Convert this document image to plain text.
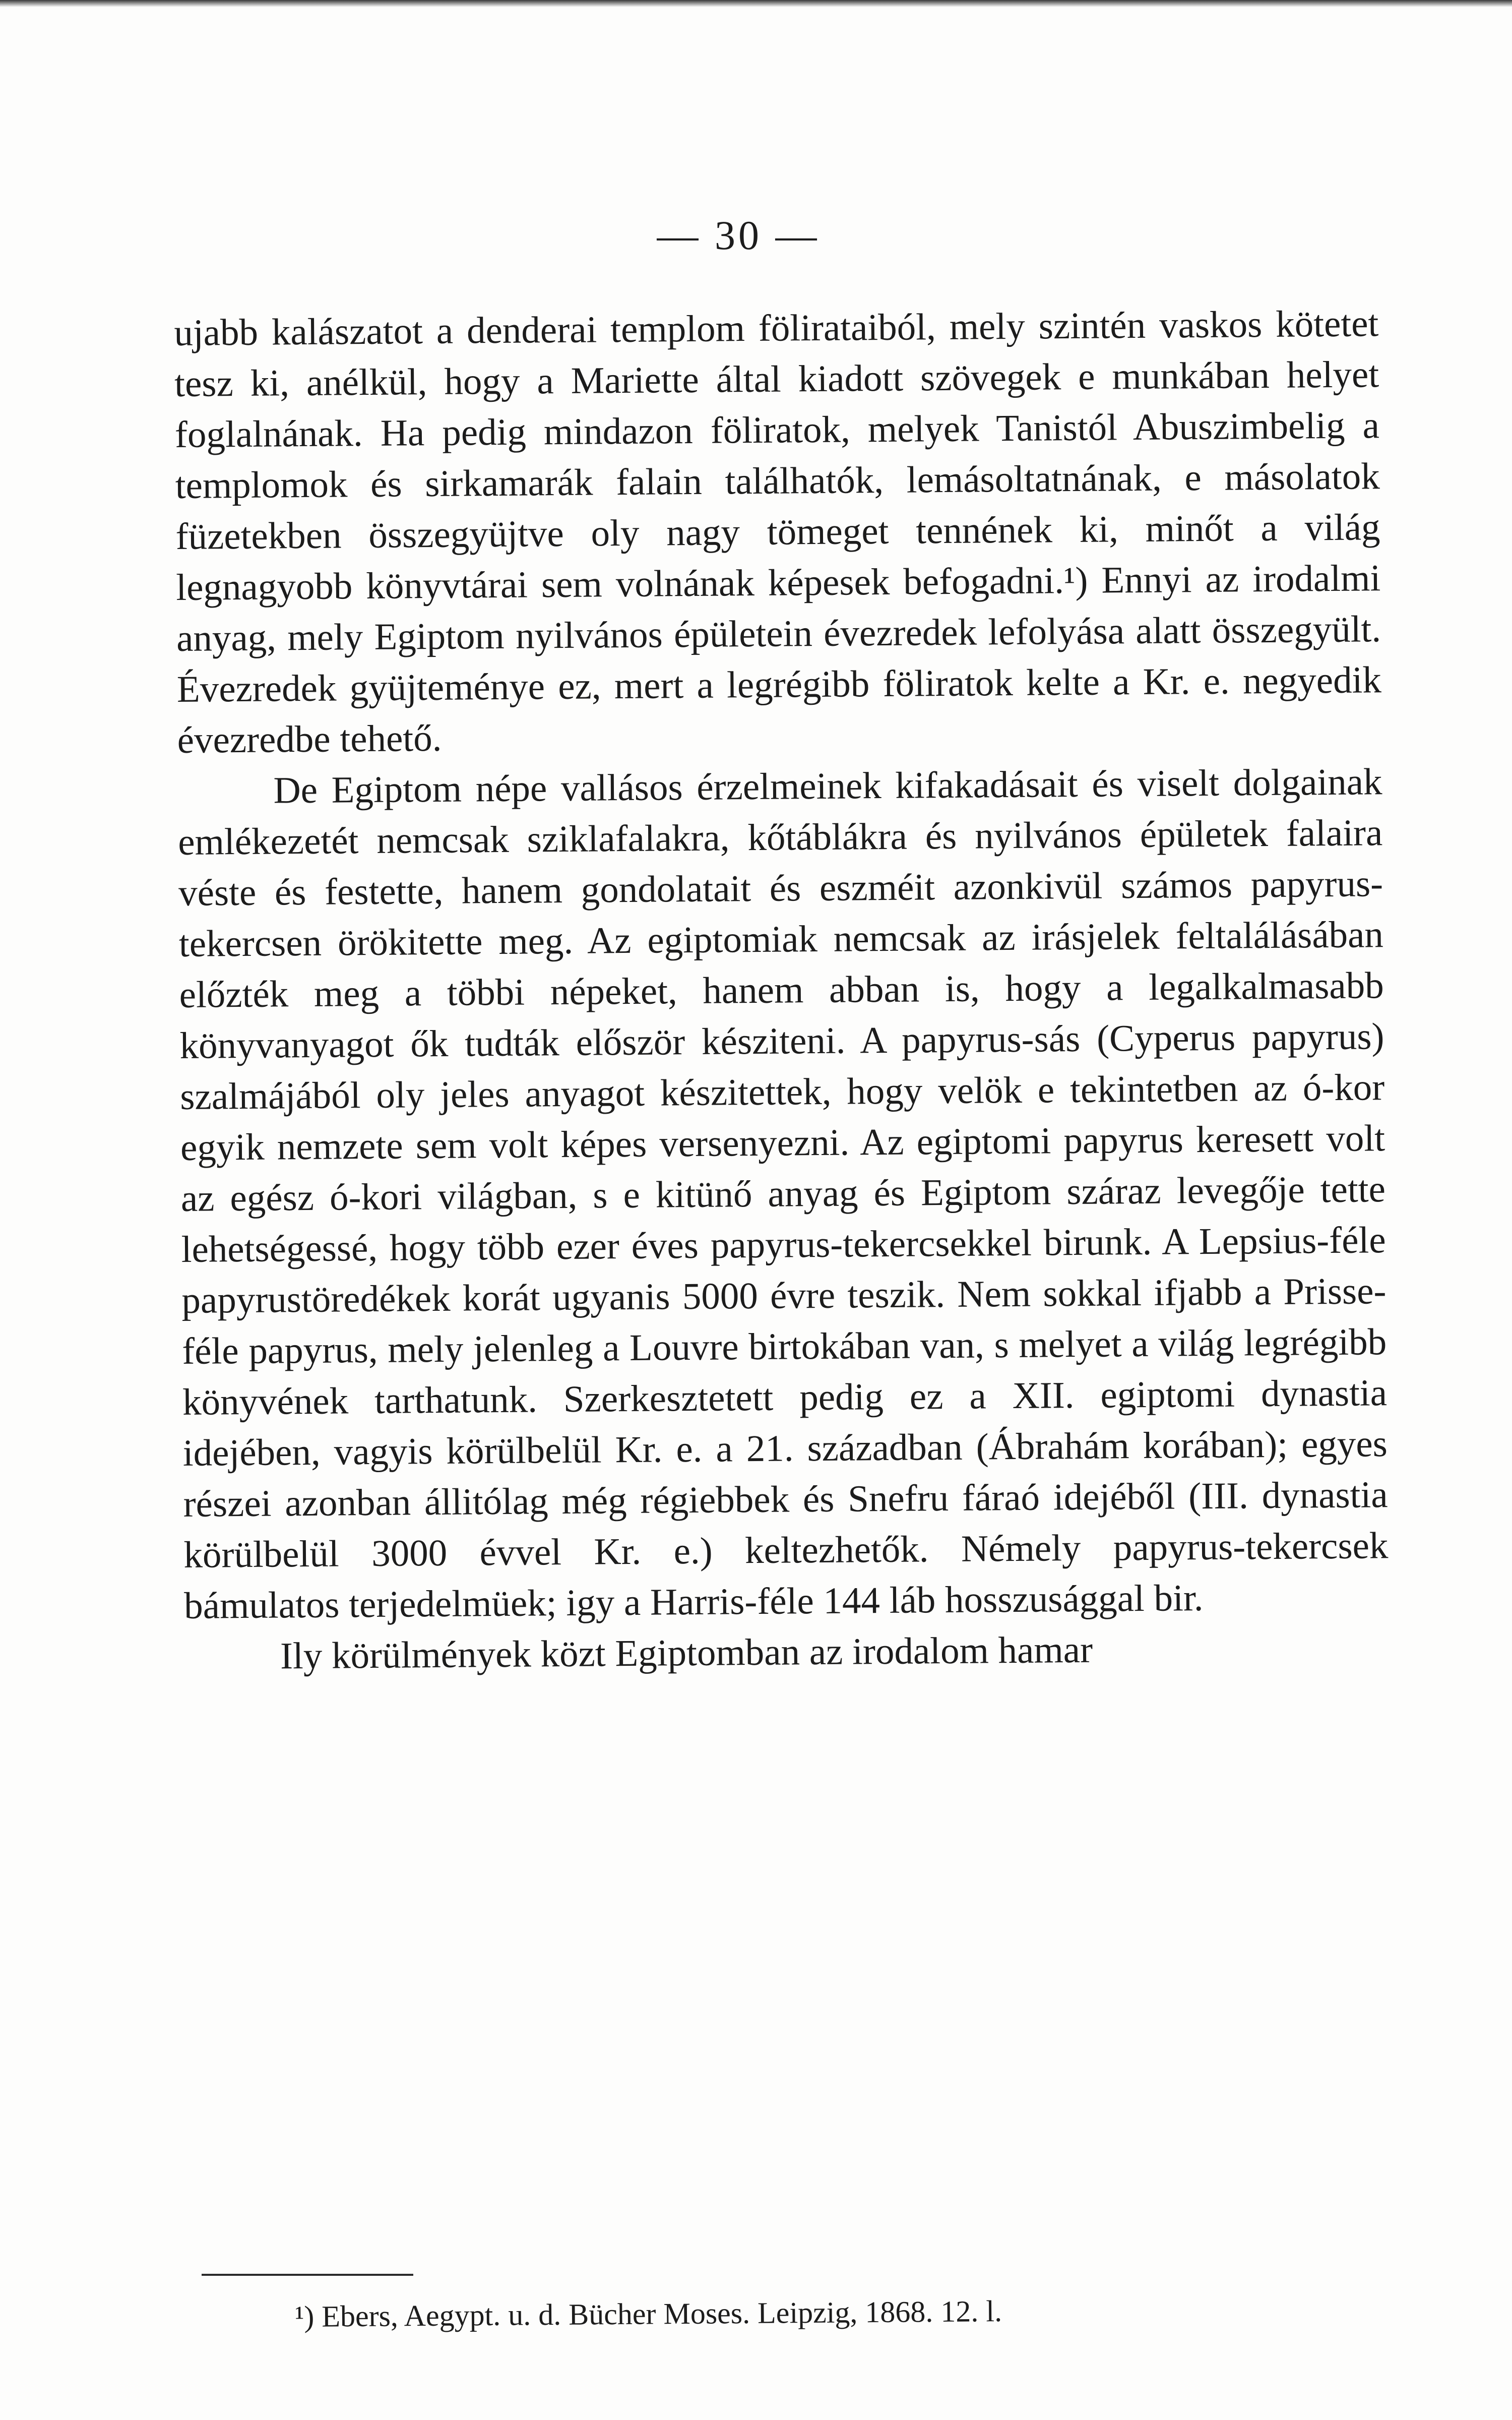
— 30 —

ujabb kalászatot a denderai templom fölirataiból, mely szintén vaskos kötetet tesz ki, anélkül, hogy a Mariette által kiadott szövegek e munkában helyet foglalnának. Ha pedig mindazon föliratok, melyek Tanistól Abuszimbelig a templomok és sirkamarák falain találhatók, lemásoltatnának, e másolatok füzetekben összegyüjtve oly nagy tömeget tennének ki, minőt a világ legnagyobb könyvtárai sem volnának képesek befogadni.¹) Ennyi az irodalmi anyag, mely Egiptom nyilvános épületein évezredek lefolyása alatt összegyült. Évezredek gyüjteménye ez, mert a legrégibb föliratok kelte a Kr. e. negyedik évezredbe tehető.

De Egiptom népe vallásos érzelmeinek kifakadásait és viselt dolgainak emlékezetét nemcsak sziklafalakra, kőtáblákra és nyilvános épületek falaira véste és festette, hanem gondolatait és eszméit azonkivül számos papyrus-tekercsen örökitette meg. Az egiptomiak nemcsak az irásjelek feltalálásában előzték meg a többi népeket, hanem abban is, hogy a legalkalmasabb könyvanyagot ők tudták először késziteni. A papyrus-sás (Cyperus papyrus) szalmájából oly jeles anyagot készitettek, hogy velök e tekintetben az ó-kor egyik nemzete sem volt képes versenyezni. Az egiptomi papyrus keresett volt az egész ó-kori világban, s e kitünő anyag és Egiptom száraz levegője tette lehetségessé, hogy több ezer éves papyrus-tekercsekkel birunk. A Lepsius-féle papyrustöredékek korát ugyanis 5000 évre teszik. Nem sokkal ifjabb a Prisse-féle papyrus, mely jelenleg a Louvre birtokában van, s melyet a világ legrégibb könyvének tarthatunk. Szerkesztetett pedig ez a XII. egiptomi dynastia idejében, vagyis körülbelül Kr. e. a 21. században (Ábrahám korában); egyes részei azonban állitólag még régiebbek és Snefru fáraó idejéből (III. dynastia körülbelül 3000 évvel Kr. e.) keltezhetők. Némely papyrus-tekercsek bámulatos terjedelmüek; igy a Harris-féle 144 láb hosszusággal bir.

Ily körülmények közt Egiptomban az irodalom hamar

¹) Ebers, Aegypt. u. d. Bücher Moses. Leipzig, 1868. 12. l.
